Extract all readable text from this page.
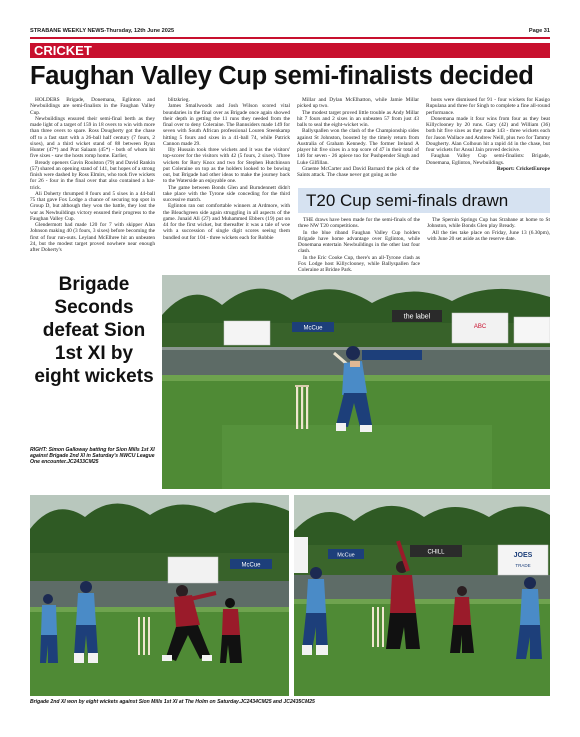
STRABANE WEEKLY NEWS-Thursday, 12th June 2025	Page 31
CRICKET
Faughan Valley Cup semi-finalists decided

HOLDERS Brigade, Donemana, Eglinton and Newbuildings are semi-finalists in the Faughan Valley Cup.

Newbuildings ensured their semi-final berth as they made light of a target of 159 in 18 overs to win with more than three overs to spare. Ross Dougherty got the chase off to a fast start with a 26-ball half century (7 fours, 2 sixes), and a third wicket stand of 88 between Ryan Hunter (47*) and Prat Salaam (45*) - both of whom hit five sixes - saw the hosts romp home. Earlier,

Bready openers Gavin Roulston (79) and David Rankin (57) shared an opening stand of 141, but hopes of a strong finish were dashed by Ross Elmirs, who took five wickets for 26 - four in the final over that also contained a hat-trick.

Ali Doherty thrumped 8 fours and 5 sixes in a 44-ball 75 that gave Fox Lodge a chance of securing top spot in Group D, but although they won the battle, they lost the war as Newbuildings victory ensured their progress to the Faughan Valley Cup.

Glendermott had made 120 for 7 with skipper Alan Johnson making 40 (3 fours, 3 sixes) before becoming the first of four run-outs. Leyland McElhree hit an unbeaten 24, but the modest target proved nowhere near enough after Doherty's

blitzkrieg.

James Smallwoods and Josh Wilson scored vital boundaries in the final over as Brigade once again showed their depth in getting the 11 runs they needed from the final over to deny Coleraine. The Bannsiders made 149 for seven with South African professional Louren Steenkamp hitting 5 fours and sixes in a 41-ball 74, while Patrick Cannon made 29.

Illy Hussain took three wickets and it was the visitors' top-scorer for the visitors with 42 (5 fours, 2 sixes). Three wickets for Rory Knox and two for Stephen Hutchinson put Coleraine on top as the holders looked to be bowing out, but Brigade had other ideas to make the journey back to the Waterside an enjoyable one.

The game between Bonds Glen and Burndennett didn't take place with the Tyrone side conceding for the third successive match.

Eglinton ran out comfortable winners at Ardmore, with the Bleachgreen side again struggling in all aspects of the game. Junaid Ali (27) and Muhammed Ebbers (19) put on 44 for the first wicket, but thereafter it was a tale of woe with a succession of single digit scores seeing them bundled out for 104 - three wickets each for Robbie

Millar and Dylan McElhatton, while Jamie Millar picked up two.

The modest target proved little trouble as Andy Millar hit 7 fours and 2 sixes in an unbeaten 57 from just 43 balls to seal the eight-wicket win.

Ballyspallen won the clash of the Championship sides against St Johnston, boosted by the timely return from Australia of Graham Kennedy. The former Ireland A player hit five sixes in a top score of 47 in their total of 146 for seven - 26 apiece too for Pushpender Singh and Luke Gilfillan.

Graeme McCarter and David Barnard the pick of the Saints attack. The chase never got going as the

hosts were dismissed for 91 - four wickets for Kasigo Rupulana and three for Singh to complete a fine all-round performance.

Donemana made it four wins from four as they beat Killyclooney by 20 runs. Gary (42) and William (36) both hit five sixes as they made 143 - three wickets each for Jason Wallace and Andrew Neill, plus two for Tammy Dougherty. Alan Colhoun hit a rapid 44 in the chase, but four wickets for Ansul Jain proved decisive.

Faughan Valley Cup semi-finalists: Brigade, Donemana, Eglinton, Newbuildings.

Report: CricketEurope

T20 Cup semi-finals drawn

THE draws have been made for the semi-finals of the three NW T20 competitions.

In the blue riband Faughan Valley Cup holders Brigade have home advantage over Eglinton, while Donemana entertain Newbuildings in the other last four clash.

In the Eric Cooke Cup, there's an all-Tyrone clash as Fox Lodge host Killyclooney, while Ballyspallen face Coleraine at Bridge Park.

The Spernin Springs Cup has Strabane at home to St Johnston, while Bonds Glen play Bready.

All the ties take place on Friday, June 13 (6.30pm), with June 20 set aside as the reserve date.

Brigade Seconds defeat Sion 1st XI by eight wickets
RIGHT: Simon Galloway batting for Sion Mills 1st XI against Brigade 2nd XI in Saturday's NWCU League One encounter.JC2433CM25
McCue
the label
ABC
McCue
McCue	CHILL	JOES
TRADE
Brigade 2nd XI won by eight wickets against Sion Mills 1st XI at The Holm on Saturday.JC2434CM25 and JC2435CM25
